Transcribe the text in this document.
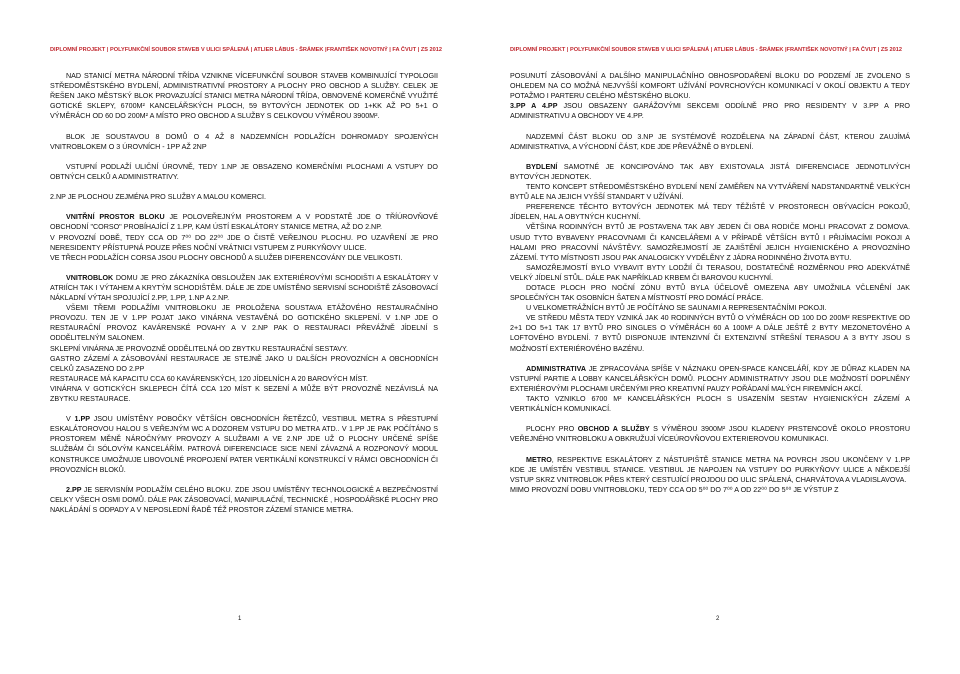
DIPLOMNÍ PROJEKT | POLYFUNKČNÍ SOUBOR STAVEB V ULICI SPÁLENÁ | ATLIER LÁBUS - ŠRÁMEK |FRANTIŠEK NOVOTNÝ | FA ČVUT | ZS 2012

NAD STANICÍ METRA NÁRODNÍ TŘÍDA VZNIKNE VÍCEFUNKČNÍ SOUBOR STAVEB KOMBINUJÍCÍ TYPOLOGII STŘEDOMĚSTSKÉHO BYDLENÍ, ADMINISTRATIVNÍ PROSTORY A PLOCHY PRO OBCHOD A SLUŽBY. CELEK JE ŘEŠEN JAKO MĚSTSKÝ BLOK PROVAZUJÍCÍ STANICI METRA NÁRODNÍ TŘÍDA, OBNOVENÉ KOMERČNĚ VYUŽITÉ GOTICKÉ SKLEPY, 6700M² KANCELÁŘSKÝCH PLOCH, 59 BYTOVÝCH JEDNOTEK OD 1+KK AŽ PO 5+1 O VÝMĚRÁCH OD 60 DO 200M² A MÍSTO PRO OBCHOD A SLUŽBY S CELKOVOU VÝMĚROU 3900M².

BLOK JE SOUSTAVOU 8 DOMŮ O 4 AŽ 8 NADZEMNÍCH PODLAŽÍCH DOHROMADY SPOJENÝCH VNITROBLOKEM O 3 ÚROVNÍCH - 1PP AŽ 2NP

VSTUPNÍ PODLAŽÍ ULIČNÍ ÚROVNĚ, TEDY 1.NP JE OBSAZENO KOMERČNÍMI PLOCHAMI A VSTUPY DO OBTNÝCH CELKŮ A ADMINISTRATIVY.

2.NP JE PLOCHOU ZEJMÉNA PRO SLUŽBY A MALOU KOMERCI.

VNITŘNÍ PROSTOR BLOKU JE POLOVEŘEJNÝM PROSTOREM A V PODSTATĚ JDE O TŘÍÚROVŇOVÉ OBCHODNÍ "CORSO" PROBÍHAJÍCÍ Z 1.PP, KAM ÚSTÍ ESKALÁTORY STANICE METRA, AŽ DO 2.NP.

V PROVOZNÍ DOBĚ, TEDY CCA OD 7⁰⁰ DO 22⁰⁰ JDE O ČISTĚ VEŘEJNOU PLOCHU. PO UZAVŘENÍ JE PRO NERESIDENTY PŘÍSTUPNÁ POUZE PŘES NOČNÍ VRÁTNICI VSTUPEM Z PURKYŇOVY ULICE.

VE TŘECH PODLAŽÍCH CORSA JSOU PLOCHY OBCHODŮ A SLUŽEB DIFERENCOVÁNY DLE VELIKOSTI.

VNITROBLOK DOMU JE PRO ZÁKAZNÍKA OBSLOUŽEN JAK EXTERIÉROVÝMI SCHODIŠTI A ESKALÁTORY V ATRIÍCH TAK I VÝTAHEM A KRYTÝM SCHODIŠTĚM. DÁLE JE ZDE UMÍSTĚNO SERVISNÍ SCHODIŠTĚ ZÁSOBOVACÍ NÁKLADNÍ VÝTAH SPOJUJÍCÍ 2.PP, 1.PP, 1.NP A 2.NP.

VŠEMI TŘEMI PODLAŽÍMI VNITROBLOKU JE PROLOŽENA SOUSTAVA ETÁŽOVÉHO RESTAURAČNÍHO PROVOZU. TEN JE V 1.PP POJAT JAKO VINÁRNA VESTAVĚNÁ DO GOTICKÉHO SKLEPENÍ. V 1.NP JDE O RESTAURAČNÍ PROVOZ KAVÁRENSKÉ POVAHY A V 2.NP PAK O RESTAURACI PŘEVÁŽNĚ JÍDELNÍ S ODDĚLITELNÝM SALONEM.

SKLEPNÍ VINÁRNA JE PROVOZNĚ ODDĚLITELNÁ OD ZBYTKU RESTAURAČNÍ SESTAVY.

GASTRO ZÁZEMÍ A ZÁSOBOVÁNÍ RESTAURACE JE STEJNĚ JAKO U DALŠÍCH PROVOZNÍCH A OBCHODNÍCH CELKŮ ZASAZENO DO 2.PP

RESTAURACE MÁ KAPACITU CCA 60 KAVÁRENSKÝCH, 120 JÍDELNÍCH A 20 BAROVÝCH MÍST.

VINÁRNA V GOTICKÝCH SKLEPECH ČÍTÁ CCA 120 MÍST K SEZENÍ A MŮŽE BÝT PROVOZNĚ NEZÁVISLÁ NA ZBYTKU RESTAURACE.

V 1.PP JSOU UMÍSTĚNY POBOČKY VĚTŠÍCH OBCHODNÍCH ŘETĚZCŮ, VESTIBUL METRA S PŘESTUPNÍ ESKALÁTOROVOU HALOU S VEŘEJNÝM WC A DOZOREM VSTUPU DO METRA ATD.. V 1.PP JE PAK POČÍTÁNO S PROSTOREM MĚNĚ NÁROČNÝMY PROVOZY A SLUŽBAMI A VE 2.NP JDE UŽ O PLOCHY URČENÉ SPÍŠE SLUŽBÁM ČI SÓLOVÝM KANCELÁŘÍM. PATROVÁ DIFERENCIACE SICE NENÍ ZÁVAZNÁ A ROZPONOVÝ MODUL KONSTRUKCE UMOŽNUJE LIBOVOLNÉ PROPOJENÍ PATER VERTIKÁLNÍ KONSTRUKCÍ V RÁMCI OBCHODNÍCH ČI PROVOZNÍCH BLOKŮ.

2.PP JE SERVISNÍM PODLAŽÍM CELÉHO BLOKU. ZDE JSOU UMÍSTĚNY TECHNOLOGICKÉ A BEZPEČNOSTNÍ CELKY VŠECH OSMI DOMŮ. DÁLE PAK ZÁSOBOVACÍ, MANIPULAČNÍ, TECHNICKÉ , HOSPODÁŘSKÉ PLOCHY PRO NAKLÁDÁNÍ S ODPADY A V NEPOSLEDNÍ ŘADĚ TÉŽ PROSTOR ZÁZEMÍ STANICE METRA.

1
DIPLOMNÍ PROJEKT | POLYFUNKČNÍ SOUBOR STAVEB V ULICI SPÁLENÁ | ATLIER LÁBUS - ŠRÁMEK |FRANTIŠEK NOVOTNÝ | FA ČVUT | ZS 2012

POSUNUTÍ ZÁSOBOVÁNÍ A DALŠÍHO MANIPULAČNÍHO OBHOSPODAŘENÍ BLOKU DO PODZEMÍ JE ZVOLENO S OHLEDEM NA CO MOŽNÁ NEJVYŠŠÍ KOMFORT UŽÍVÁNÍ POVRCHOVÝCH KOMUNIKACÍ V OKOLÍ OBJEKTU A TEDY POTAŽMO I PARTERU CELÉHO MĚSTSKÉHO BLOKU.

3.PP A 4.PP JSOU OBSAZENY GARÁŽOVÝMI SEKCEMI ODDÍLNĚ PRO PRO RESIDENTY V 3.PP A PRO ADMINISTRATIVU A OBCHODY VE 4.PP.

NADZEMNÍ ČÁST BLOKU OD 3.NP JE SYSTÉMOVĚ ROZDĚLENA NA ZÁPADNÍ ČÁST, KTEROU ZAUJÍMÁ ADMINISTRATIVA, A VÝCHODNÍ ČÁST, KDE JDE PŘEVÁŽNĚ O BYDLENÍ.

BYDLENÍ SAMOTNÉ JE KONCIPOVÁNO TAK ABY EXISTOVALA JISTÁ DIFERENCIACE JEDNOTLIVÝCH BYTOVÝCH JEDNOTEK.

TENTO KONCEPT STŘEDOMĚSTSKÉHO BYDLENÍ NENÍ ZAMĚŘEN NA VYTVÁŘENÍ NADSTANDARTNĚ VELKÝCH BYTŮ ALE NA JEJICH VYŠŠÍ STANDART V UŽÍVÁNÍ.

PREFERENCE TĚCHTO BYTOVÝCH JEDNOTEK MÁ TEDY TĚŽIŠTĚ V PROSTORECH OBÝVACÍCH POKOJŮ, JÍDELEN, HAL A OBYTNÝCH KUCHYNÍ.

VĚTŠINA RODINNÝCH BYTŮ JE POSTAVENA TAK ABY JEDEN ČI OBA RODIČE MOHLI PRACOVAT Z DOMOVA. USUD TYTO BYBAVENY PRACOVNAMI ČI KANCELÁŘEMI A V PŘÍPADĚ VĚTŠÍCH BYTŮ I PŘIJÍMACÍMI POKOJI A HALAMI PRO PRACOVNÍ NÁVŠTĚVY. SAMOZŘEJMOSTÍ JE ZAJIŠTĚNÍ JEJICH HYGIENICKÉHO A PROVOZNÍHO ZÁZEMÍ. TYTO MÍSTNOSTI JSOU PAK ANALOGICKY VYDĚLĚNY Z JÁDRA RODINNÉHO ŽIVOTA BYTU.

SAMOZŘEJMOSTÍ BYLO VYBAVIT BYTY LODŽIÍ ČI TERASOU, DOSTATEČNĚ ROZMĚRNOU PRO ADEKVÁTNĚ VELKÝ JÍDELNÍ STŮL. DÁLE PAK NAPŘÍKLAD KRBEM ČI BAROVOU KUCHYNÍ.

DOTACE PLOCH PRO NOČNÍ ZÓNU BYTŮ BYLA ÚČELOVĚ OMEZENA ABY UMOŽNILA VČLENĚNÍ JAK SPOLEČNÝCH TAK OSOBNÍCH ŠATEN A MÍSTNOSTÍ PRO DOMÁCÍ PRÁCE.

U VELKOMETRÁŽNÍCH BYTŮ JE POČÍTÁNO SE SAUNAMI A REPRESENTAČNÍMI POKOJI.

VE STŘEDU MĚSTA TEDY VZNIKÁ JAK 40 RODINNÝCH BYTŮ O VÝMĚRÁCH OD 100 DO 200M² RESPEKTIVE OD 2+1 DO 5+1 TAK 17 BYTŮ PRO SINGLES O VÝMĚRÁCH 60 A 100M² A DÁLE JEŠTĚ 2 BYTY MEZONETOVÉHO A LOFTOVÉHO BYDLENÍ. 7 BYTŮ DISPONUJE INTENZIVNÍ ČI EXTENZIVNÍ STŘEŠNÍ TERASOU A 3 BYTY JSOU S MOŽNOSTÍ EXTERIÉROVÉHO BAZÉNU.

ADMINISTRATIVA JE ZPRACOVÁNA SPÍŠE V NÁZNAKU OPEN-SPACE KANCELÁŘÍ, KDY JE DŮRAZ KLADEN NA VSTUPNÍ PARTIE A LOBBY KANCELÁŘSKÝCH DOMŮ. PLOCHY ADMINISTRATIVY JSOU DLE MOŽNOSTÍ DOPLNĚNY EXTERIÉROVÝMI PLOCHAMI URČENÝMI PRO KREATIVNÍ PAUZY POŘÁDANÍ MALÝCH FIREMNÍCH AKCÍ.

TAKTO VZNIKLO 6700 M² KANCELÁŘSKÝCH PLOCH S USAZENÍM SESTAV HYGIENICKÝCH ZÁZEMÍ A VERTIKÁLNÍCH KOMUNIKACÍ.

PLOCHY PRO OBCHOD A SLUŽBY S VÝMĚROU 3900M² JSOU KLADENY PRSTENCOVĚ OKOLO PROSTORU VEŘEJNÉHO VNITROBLOKU A OBKRUŽUJÍ VÍCEÚROVŇOVOU EXTERIEROVOU KOMUNIKACI.

METRO, RESPEKTIVE ESKALÁTORY Z NÁSTUPIŠTĚ STANICE METRA NA POVRCH JSOU UKONČENY V 1.PP KDE JE UMÍSTĚN VESTIBUL STANICE. VESTIBUL JE NAPOJEN NA VSTUPY DO PURKYŇOVY ULICE A NĚKDEJŠÍ VSTUP SKRZ VNITROBLOK PŘES KTERÝ CESTUJÍCÍ PROJDOU DO ULIC SPÁLENÁ, CHARVÁTOVA A VLADISLAVOVA.

MIMO PROVOZNÍ DOBU VNITROBLOKU, TEDY CCA OD 5⁰⁰ DO 7⁰⁰ A OD 22⁰⁰ DO 5⁰⁰ JE VÝSTUP Z

2
